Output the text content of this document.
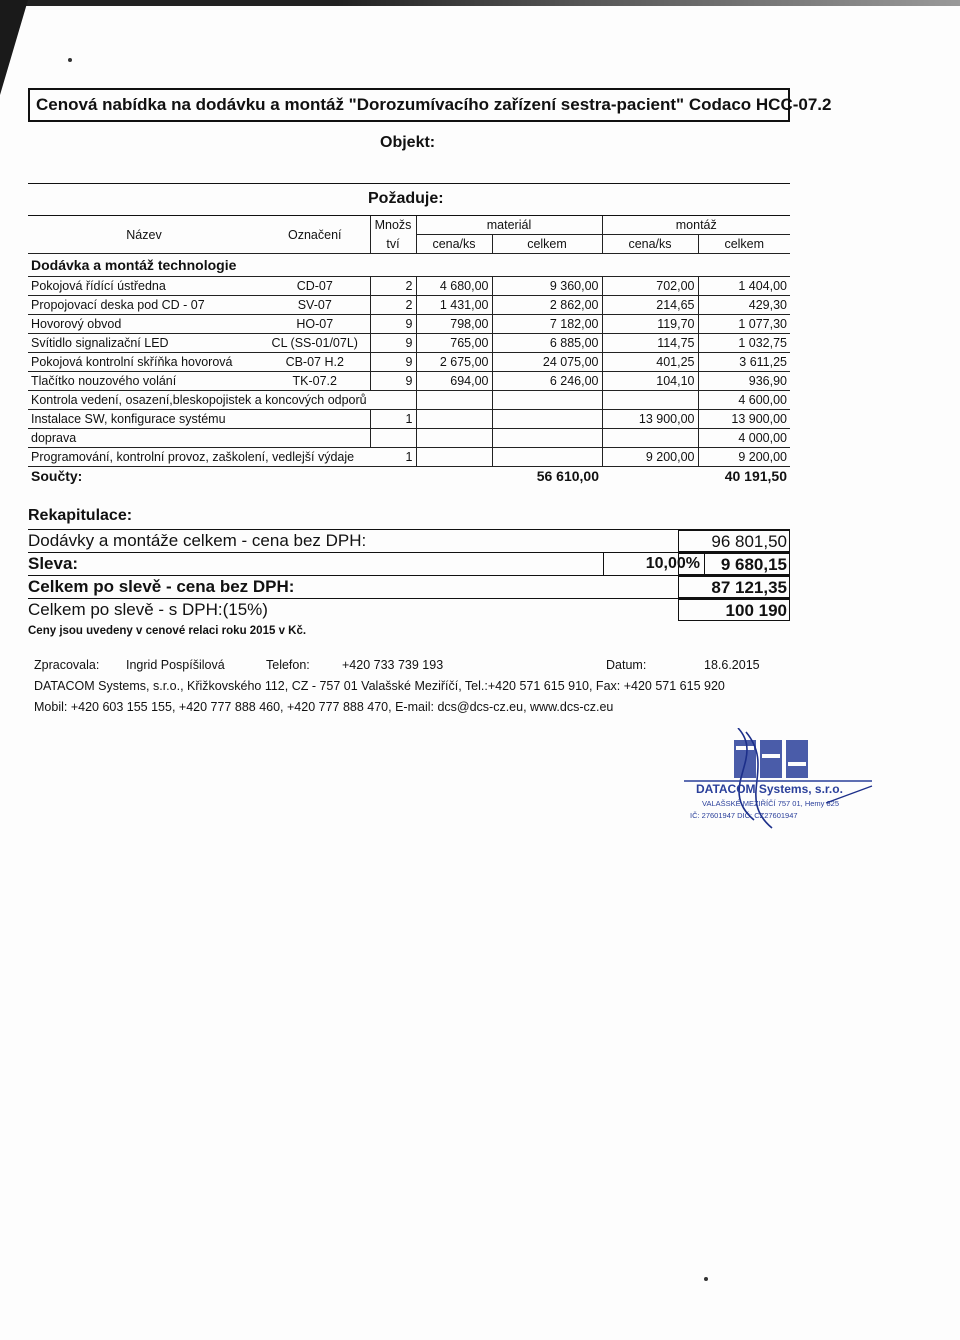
Cenová nabídka na dodávku a montáž "Dorozumívacího zařízení sestra-pacient" Codaco HCC-07.2
Objekt:
Požaduje:
Název	Označení	Množs	materiál		montáž	
		tví	cena/ks	celkem	cena/ks	celkem
Dodávka a montáž technologie						
Pokojová řídící ústředna	CD-07	2	4 680,00	9 360,00	702,00	1 404,00
Propojovací deska pod CD - 07	SV-07	2	1 431,00	2 862,00	214,65	429,30
Hovorový obvod	HO-07	9	798,00	7 182,00	119,70	1 077,30
Svítidlo signalizační LED	CL (SS-01/07L)	9	765,00	6 885,00	114,75	1 032,75
Pokojová kontrolní skříňka hovorová	CB-07 H.2	9	2 675,00	24 075,00	401,25	3 611,25
Tlačítko nouzového volání	TK-07.2	9	694,00	6 246,00	104,10	936,90
Kontrola vedení, osazení,bleskopojistek a koncových odporů						4 600,00
Instalace SW, konfigurace systému		1			13 900,00	13 900,00
doprava						4 000,00
Programování, kontrolní provoz, zaškolení, vedlejší výdaje		1			9 200,00	9 200,00
Součty:				56 610,00		40 191,50
Rekapitulace:
Dodávky a montáže celkem - cena bez DPH:	96 801,50
Sleva:	10,00%	9 680,15
Celkem po slevě - cena bez DPH:	87 121,35
Celkem po slevě - s DPH:(15%)	100 190
Ceny jsou uvedeny v cenové relaci roku 2015 v Kč.
Zpracovala: Ingrid Pospíšilová	Telefon:	+420 733 739 193	Datum:	18.6.2015
DATACOM Systems, s.r.o., Křižkovského 112, CZ - 757 01 Valašské Meziříčí, Tel.:+420 571 615 910, Fax: +420 571 615 920
Mobil: +420 603 155 155, +420 777 888 460, +420 777 888 470, E-mail: dcs@dcs-cz.eu, www.dcs-cz.eu
DATACOM Systems, s.r.o.
VALAŠSKÉ MEZIŘÍČÍ 757 01, Hemy 825
IČ: 27601947 DIČ: CZ27601947
